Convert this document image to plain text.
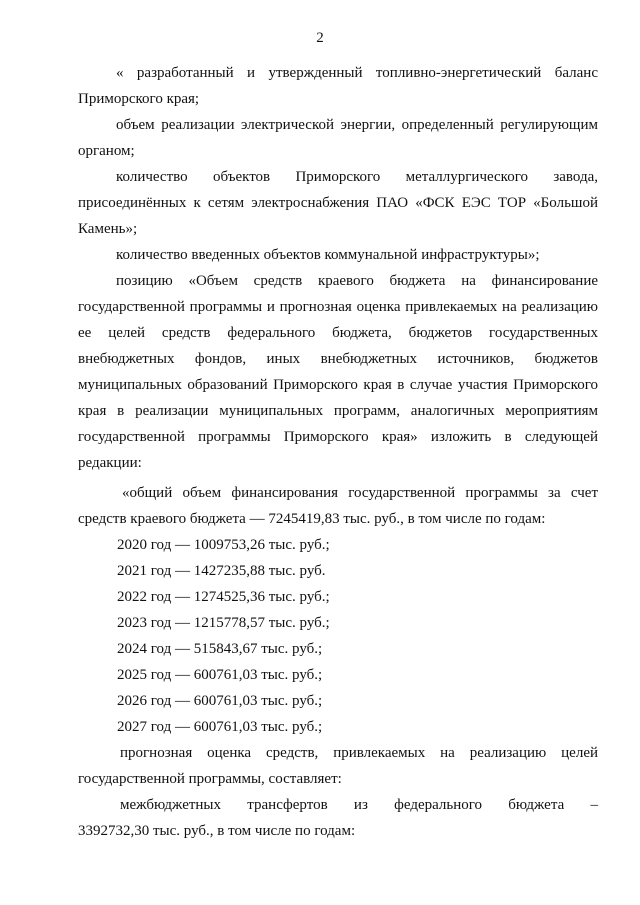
2
« разработанный и утвержденный топливно-энергетический баланс
Приморского края;
объем реализации электрической энергии, определенный регулирующим
органом;
количество объектов Приморского металлургического завода,
присоединённых к сетям электроснабжения ПАО «ФСК ЕЭС ТОР «Большой
Камень»;
количество введенных объектов коммунальной инфраструктуры»;
позицию «Объем средств краевого бюджета на финансирование
государственной программы и прогнозная оценка привлекаемых на реализацию
ее целей средств федерального бюджета, бюджетов государственных
внебюджетных фондов, иных внебюджетных источников, бюджетов
муниципальных образований Приморского края в случае участия Приморского
края в реализации муниципальных программ, аналогичных мероприятиям
государственной программы Приморского края» изложить в следующей
редакции:
«общий объем финансирования государственной программы за счет
средств краевого бюджета — 7245419,83 тыс. руб., в том числе по годам:
2020 год — 1009753,26 тыс. руб.;
2021 год — 1427235,88 тыс. руб.
2022 год — 1274525,36 тыс. руб.;
2023 год — 1215778,57 тыс. руб.;
2024 год — 515843,67 тыс. руб.;
2025 год — 600761,03 тыс. руб.;
2026 год — 600761,03 тыс. руб.;
2027 год — 600761,03 тыс. руб.;
прогнозная оценка средств, привлекаемых на реализацию целей
государственной программы, составляет:
межбюджетных трансфертов из федерального бюджета –
3392732,30 тыс. руб., в том числе по годам:
